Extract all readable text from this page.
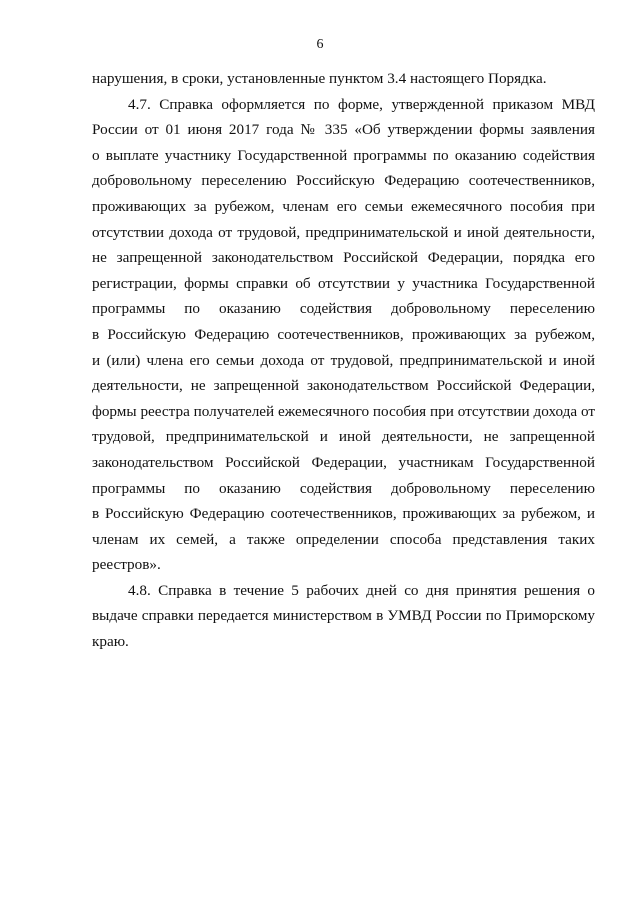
6
нарушения, в сроки, установленные пунктом 3.4 настоящего Порядка.
4.7. Справка оформляется по форме, утвержденной приказом МВД
России от 01 июня 2017 года № 335 «Об утверждении формы заявления
о выплате участнику Государственной программы по оказанию содействия
добровольному переселению Российскую Федерацию соотечественников,
проживающих за рубежом, членам его семьи ежемесячного пособия при
отсутствии дохода от трудовой, предпринимательской и иной деятельности,
не запрещенной законодательством Российской Федерации, порядка его
регистрации, формы справки об отсутствии у участника Государственной
программы по оказанию содействия добровольному переселению
в Российскую Федерацию соотечественников, проживающих за рубежом,
и (или) члена его семьи дохода от трудовой, предпринимательской и иной
деятельности, не запрещенной законодательством Российской Федерации,
формы реестра получателей ежемесячного пособия при отсутствии дохода от
трудовой, предпринимательской и иной деятельности, не запрещенной
законодательством Российской Федерации, участникам Государственной
программы по оказанию содействия добровольному переселению
в Российскую Федерацию соотечественников, проживающих за рубежом, и
членам их семей, а также определении способа представления таких
реестров».
4.8. Справка в течение 5 рабочих дней со дня принятия решения о
выдаче справки передается министерством в УМВД России по Приморскому
краю.
